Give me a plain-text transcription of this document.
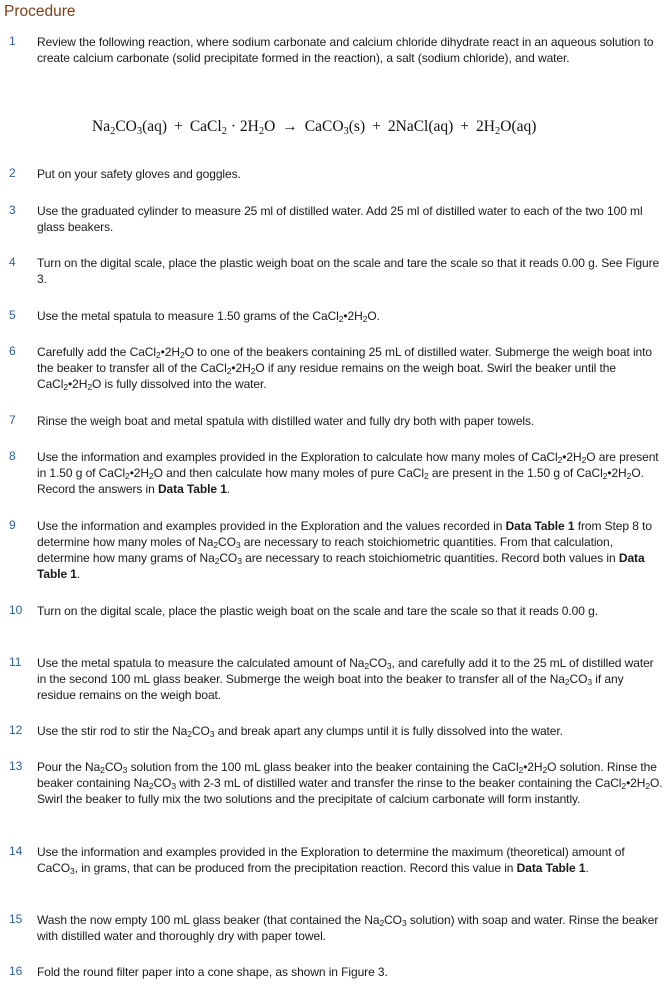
Procedure
1	Review the following reaction, where sodium carbonate and calcium chloride dihydrate react in an aqueous solution to create calcium carbonate (solid precipitate formed in the reaction), a salt (sodium chloride), and water.
$Na_2CO_3(aq)$ + CaCl$_2$ · $2H_2O$ → CaCO$_3$(s) + 2NaCl(aq) + $2H_2O(aq)$
2	Put on your safety gloves and goggles.
3	Use the graduated cylinder to measure 25 ml of distilled water. Add 25 ml of distilled water to each of the two 100 ml glass beakers.
4	Turn on the digital scale, place the plastic weigh boat on the scale and tare the scale so that it reads 0.00 g. See Figure 3.
5	Use the metal spatula to measure 1.50 grams of the $CaCl_2•2H_2O$.
6	Carefully add the $CaCl_2•2H_2O$ to one of the beakers containing 25 mL of distilled water. Submerge the weigh boat into the beaker to transfer all of the $CaCl_2•2H_2O$ if any residue remains on the weigh boat. Swirl the beaker until the $CaCl_2•2H_2O$ is fully dissolved into the water.
7	Rinse the weigh boat and metal spatula with distilled water and fully dry both with paper towels.
8	Use the information and examples provided in the Exploration to calculate how many moles of $CaCl_2•2H_2O$ are present in 1.50 g of $CaCl_2•2H_2O$ and then calculate how many moles of pure CaCl$_2$ are present in the 1.50 g of $CaCl_2•2H_2O$. Record the answers in Data Table 1.
9	Use the information and examples provided in the Exploration and the values recorded in Data Table 1 from Step 8 to determine how many moles of $Na_2CO_3$ are necessary to reach stoichiometric quantities. From that calculation, determine how many grams of $Na_2CO_3$ are necessary to reach stoichiometric quantities. Record both values in Data Table 1.
10	Turn on the digital scale, place the plastic weigh boat on the scale and tare the scale so that it reads 0.00 g.
11	Use the metal spatula to measure the calculated amount of $Na_2CO_3$, and carefully add it to the 25 mL of distilled water in the second 100 mL glass beaker. Submerge the weigh boat into the beaker to transfer all of the $Na_2CO_3$ if any residue remains on the weigh boat.
12	Use the stir rod to stir the $Na_2CO_3$ and break apart any clumps until it is fully dissolved into the water.
13	Pour the $Na_2CO_3$ solution from the 100 mL glass beaker into the beaker containing the $CaCl_2•2H_2O$ solution. Rinse the beaker containing $Na_2CO_3$ with 2-3 mL of distilled water and transfer the rinse to the beaker containing the $CaCl_2•2H_2O$. Swirl the beaker to fully mix the two solutions and the precipitate of calcium carbonate will form instantly.
14	Use the information and examples provided in the Exploration to determine the maximum (theoretical) amount of CaCO$_3$, in grams, that can be produced from the precipitation reaction. Record this value in Data Table 1.
15	Wash the now empty 100 mL glass beaker (that contained the $Na_2CO_3$ solution) with soap and water. Rinse the beaker with distilled water and thoroughly dry with paper towel.
16	Fold the round filter paper into a cone shape, as shown in Figure 3.
